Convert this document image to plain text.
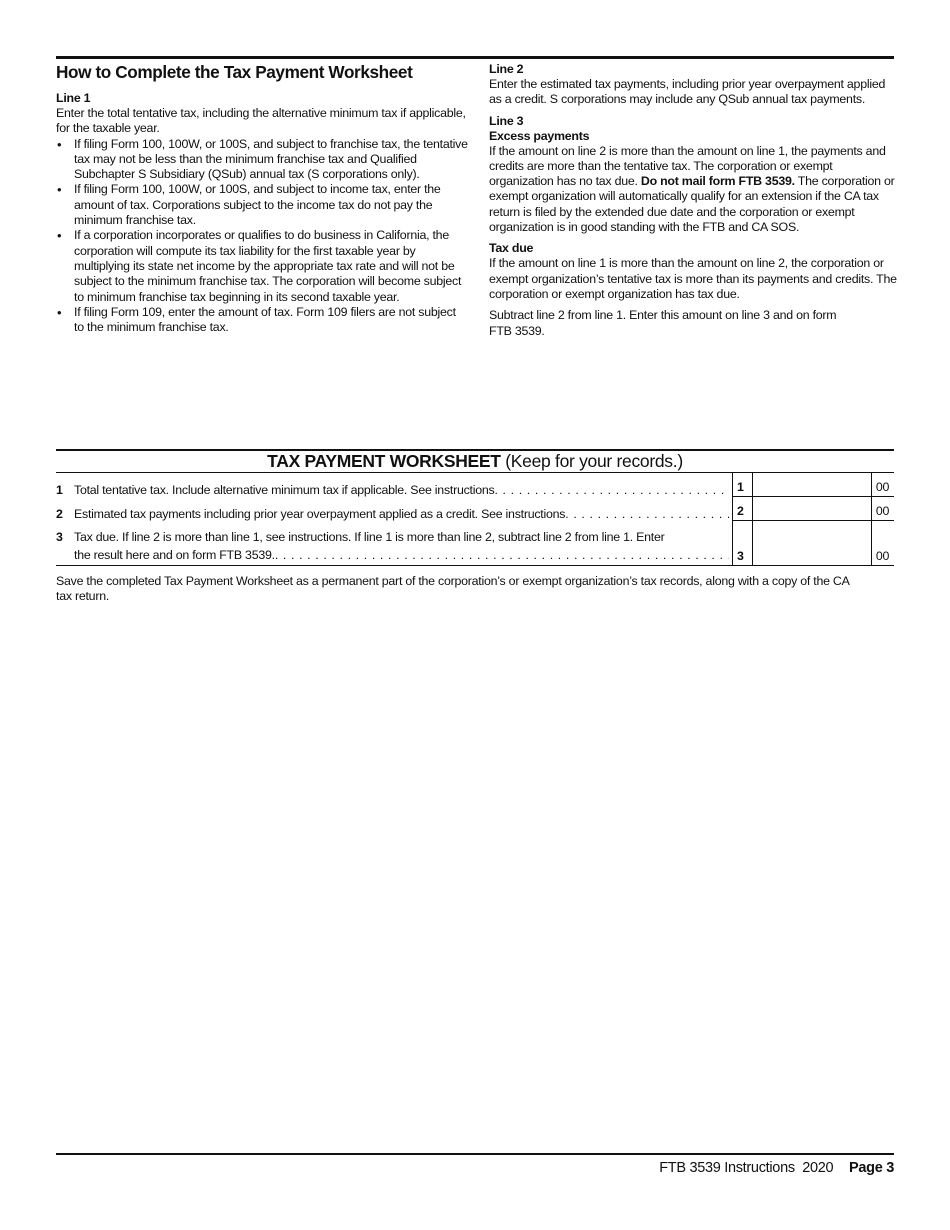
How to Complete the Tax Payment Worksheet
Line 1

Enter the total tentative tax, including the alternative minimum tax if applicable, for the taxable year.

• If filing Form 100, 100W, or 100S, and subject to franchise tax, the tentative tax may not be less than the minimum franchise tax and Qualified Subchapter S Subsidiary (QSub) annual tax (S corporations only).
• If filing Form 100, 100W, or 100S, and subject to income tax, enter the amount of tax. Corporations subject to the income tax do not pay the minimum franchise tax.
• If a corporation incorporates or qualifies to do business in California, the corporation will compute its tax liability for the first taxable year by multiplying its state net income by the appropriate tax rate and will not be subject to the minimum franchise tax. The corporation will become subject to minimum franchise tax beginning in its second taxable year.
• If filing Form 109, enter the amount of tax. Form 109 filers are not subject to the minimum franchise tax.
Line 2

Enter the estimated tax payments, including prior year overpayment applied as a credit. S corporations may include any QSub annual tax payments.

Line 3
Excess payments

If the amount on line 2 is more than the amount on line 1, the payments and credits are more than the tentative tax. The corporation or exempt organization has no tax due. Do not mail form FTB 3539. The corporation or exempt organization will automatically qualify for an extension if the CA tax return is filed by the extended due date and the corporation or exempt organization is in good standing with the FTB and CA SOS.

Tax due

If the amount on line 1 is more than the amount on line 2, the corporation or exempt organization’s tentative tax is more than its payments and credits. The corporation or exempt organization has tax due.

Subtract line 2 from line 1. Enter this amount on line 3 and on form FTB 3539.

TAX PAYMENT WORKSHEET (Keep for your records.)
1 Total tentative tax. Include alternative minimum tax if applicable. See instructions . . .	1	00
2 Estimated tax payments including prior year overpayment applied as a credit. See instructions . . .	2	00
3 Tax due. If line 2 is more than line 1, see instructions. If line 1 is more than line 2, subtract line 2 from line 1. Enter
the result here and on form FTB 3539. . . .	3	00

Save the completed Tax Payment Worksheet as a permanent part of the corporation’s or exempt organization’s tax records, along with a copy of the CA tax return.

FTB 3539 Instructions 2020 Page 3
